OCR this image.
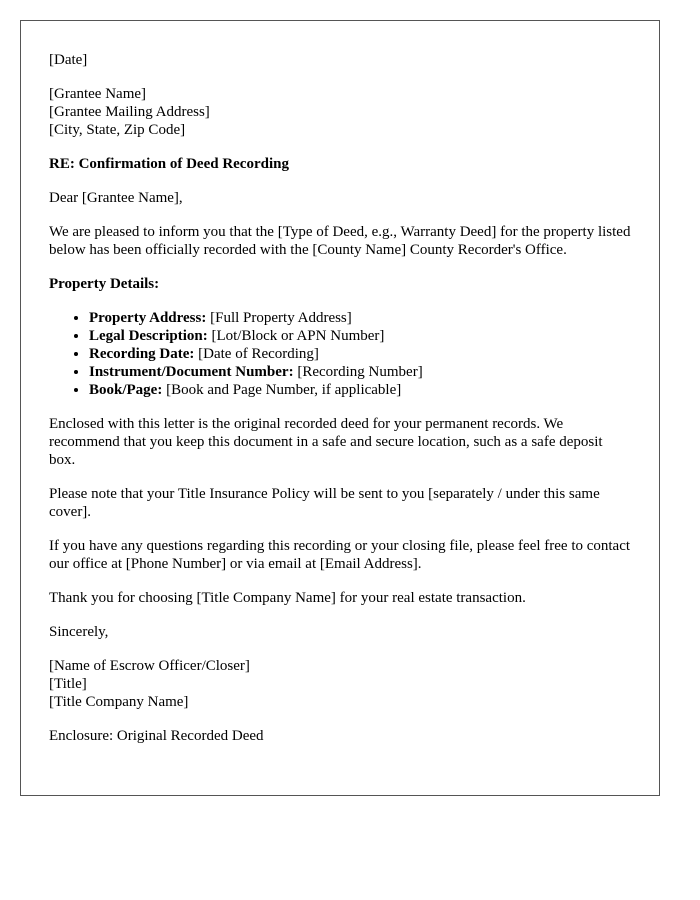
[Date]
[Grantee Name]
[Grantee Mailing Address]
[City, State, Zip Code]
RE: Confirmation of Deed Recording
Dear [Grantee Name],
We are pleased to inform you that the [Type of Deed, e.g., Warranty Deed] for the property listed below has been officially recorded with the [County Name] County Recorder's Office.
Property Details:
• Property Address: [Full Property Address]
• Legal Description: [Lot/Block or APN Number]
• Recording Date: [Date of Recording]
• Instrument/Document Number: [Recording Number]
• Book/Page: [Book and Page Number, if applicable]
Enclosed with this letter is the original recorded deed for your permanent records. We recommend that you keep this document in a safe and secure location, such as a safe deposit box.
Please note that your Title Insurance Policy will be sent to you [separately / under this same cover].
If you have any questions regarding this recording or your closing file, please feel free to contact our office at [Phone Number] or via email at [Email Address].
Thank you for choosing [Title Company Name] for your real estate transaction.
Sincerely,
[Name of Escrow Officer/Closer]
[Title]
[Title Company Name]
Enclosure: Original Recorded Deed
